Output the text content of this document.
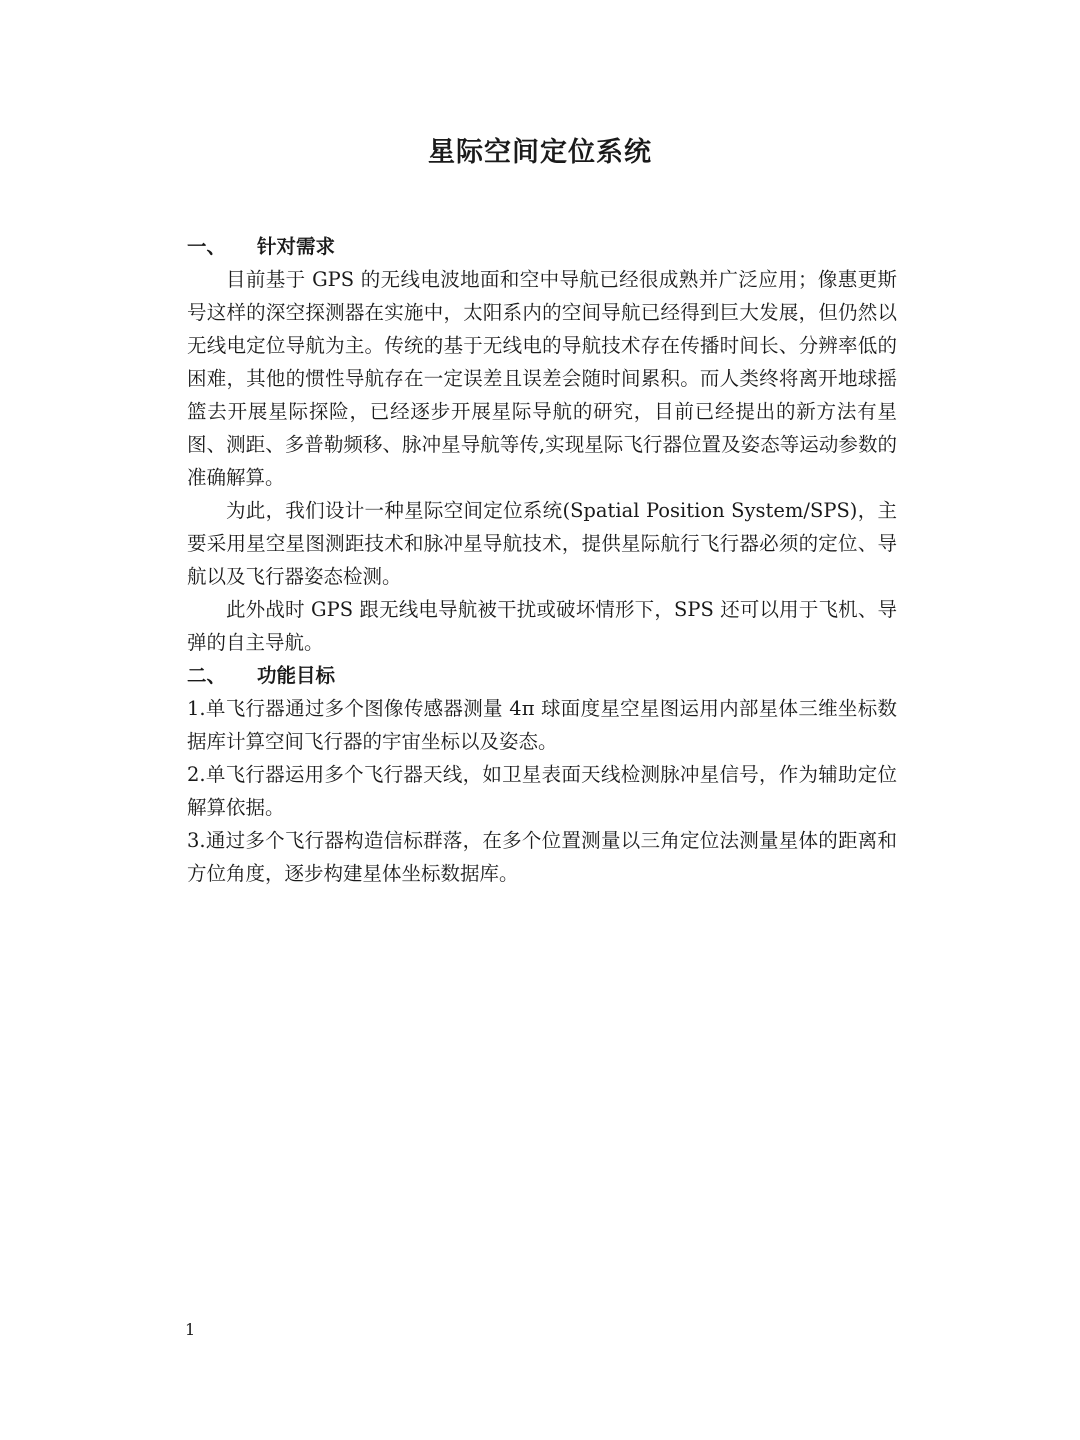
星际空间定位系统
一、 针对需求

目前基于 GPS 的无线电波地面和空中导航已经很成熟并广泛应用；像惠更斯号这样的深空探测器在实施中，太阳系内的空间导航已经得到巨大发展，但仍然以无线电定位导航为主。传统的基于无线电的导航技术存在传播时间长、分辨率低的困难，其他的惯性导航存在一定误差且误差会随时间累积。而人类终将离开地球摇篮去开展星际探险，已经逐步开展星际导航的研究，目前已经提出的新方法有星图、测距、多普勒频移、脉冲星导航等传,实现星际飞行器位置及姿态等运动参数的准确解算。

为此，我们设计一种星际空间定位系统(Spatial Position System/SPS)，主要采用星空星图测距技术和脉冲星导航技术，提供星际航行飞行器必须的定位、导航以及飞行器姿态检测。

此外战时 GPS 跟无线电导航被干扰或破坏情形下，SPS 还可以用于飞机、导弹的自主导航。

二、 功能目标

1.单飞行器通过多个图像传感器测量 4π 球面度星空星图运用内部星体三维坐标数据库计算空间飞行器的宇宙坐标以及姿态。

2.单飞行器运用多个飞行器天线，如卫星表面天线检测脉冲星信号，作为辅助定位解算依据。

3.通过多个飞行器构造信标群落，在多个位置测量以三角定位法测量星体的距离和方位角度，逐步构建星体坐标数据库。

1
